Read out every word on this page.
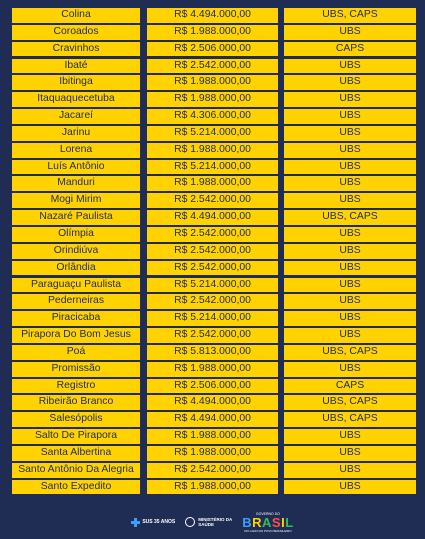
Colina	R$ 4.494.000,00	UBS, CAPS
Coroados	R$ 1.988.000,00	UBS
Cravinhos	R$ 2.506.000,00	CAPS
Ibaté	R$ 2.542.000,00	UBS
Ibitinga	R$ 1.988.000,00	UBS
Itaquaquecetuba	R$ 1.988.000,00	UBS
Jacareí	R$ 4.306.000,00	UBS
Jarinu	R$ 5.214.000,00	UBS
Lorena	R$ 1.988.000,00	UBS
Luís Antônio	R$ 5.214.000,00	UBS
Manduri	R$ 1.988.000,00	UBS
Mogi Mirim	R$ 2.542.000,00	UBS
Nazaré Paulista	R$ 4.494.000,00	UBS, CAPS
Olímpia	R$ 2.542.000,00	UBS
Orindiúva	R$ 2.542.000,00	UBS
Orlândia	R$ 2.542.000,00	UBS
Paraguaçu Paulista	R$ 5.214.000,00	UBS
Pederneiras	R$ 2.542.000,00	UBS
Piracicaba	R$ 5.214.000,00	UBS
Pirapora Do Bom Jesus	R$ 2.542.000,00	UBS
Poá	R$ 5.813.000,00	UBS, CAPS
Promissão	R$ 1.988.000,00	UBS
Registro	R$ 2.506.000,00	CAPS
Ribeirão Branco	R$ 4.494.000,00	UBS, CAPS
Salesópolis	R$ 4.494.000,00	UBS, CAPS
Salto De Pirapora	R$ 1.988.000,00	UBS
Santa Albertina	R$ 1.988.000,00	UBS
Santo Antônio Da Alegria	R$ 2.542.000,00	UBS
Santo Expedito	R$ 1.988.000,00	UBS
SUS 35 ANOS	MINISTÉRIO DA SAÚDE
GOVERNO DO
BRASIL
DO LADO DO POVO BRASILEIRO
